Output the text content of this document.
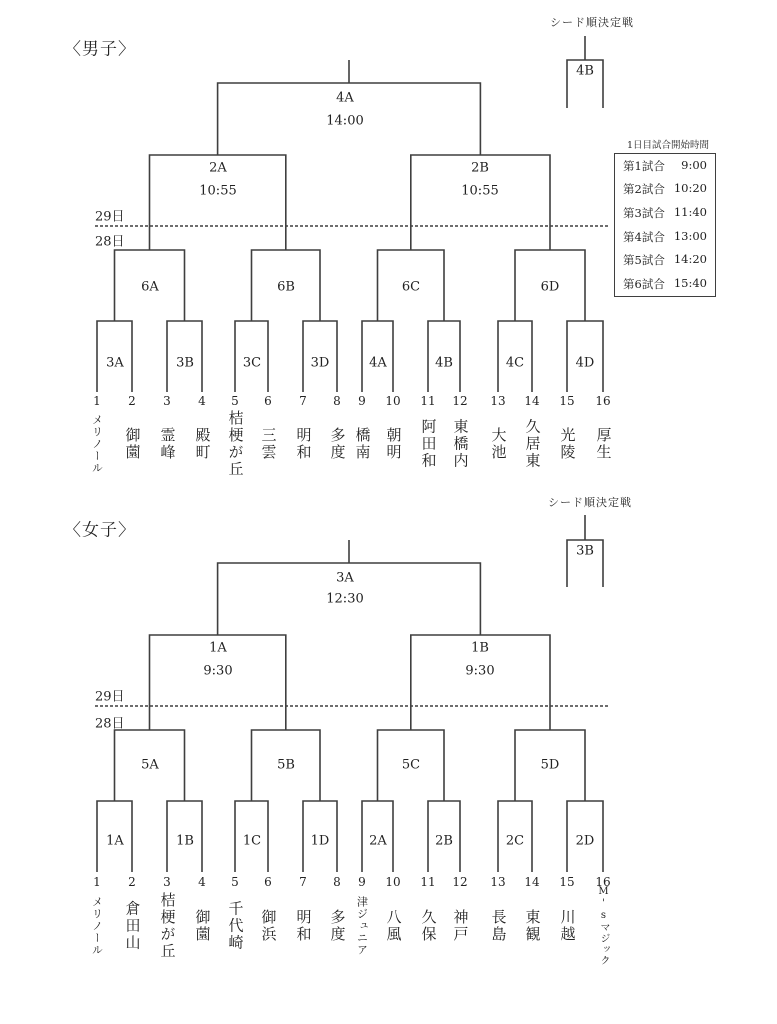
〈男子〉
シード順決定戦
4B
4A
14:00
2A
10:55
2B
10:55
29日
28日
6A	6B	6C	6D
3A	3B	3C	3D	4A	4B	4C	4D
1 2 3 4 5 6 7 8 9 10 11 12 13 14 15 16
メリノール 御薗 霊峰 殿町 桔梗が丘 三雲 明和 多度 橋南 朝明 阿田和 東橋内 大池 久居東 光陵 厚生
1日目試合開始時間
第1試合 9:00
第2試合 10:20
第3試合 11:40
第4試合 13:00
第5試合 14:20
第6試合 15:40
〈女子〉
シード順決定戦
3B
3A
12:30
1A
9:30
1B
9:30
29日
28日
5A	5B	5C	5D
1A	1B	1C	1D	2A	2B	2C	2D
1 2 3 4 5 6 7 8 9 10 11 12 13 14 15 16
メリノール 倉田山 桔梗が丘 御薗 千代崎 御浜 明和 多度 津ジュニア 八風 久保 神戸 長島 東観 川越 M'sマジック
